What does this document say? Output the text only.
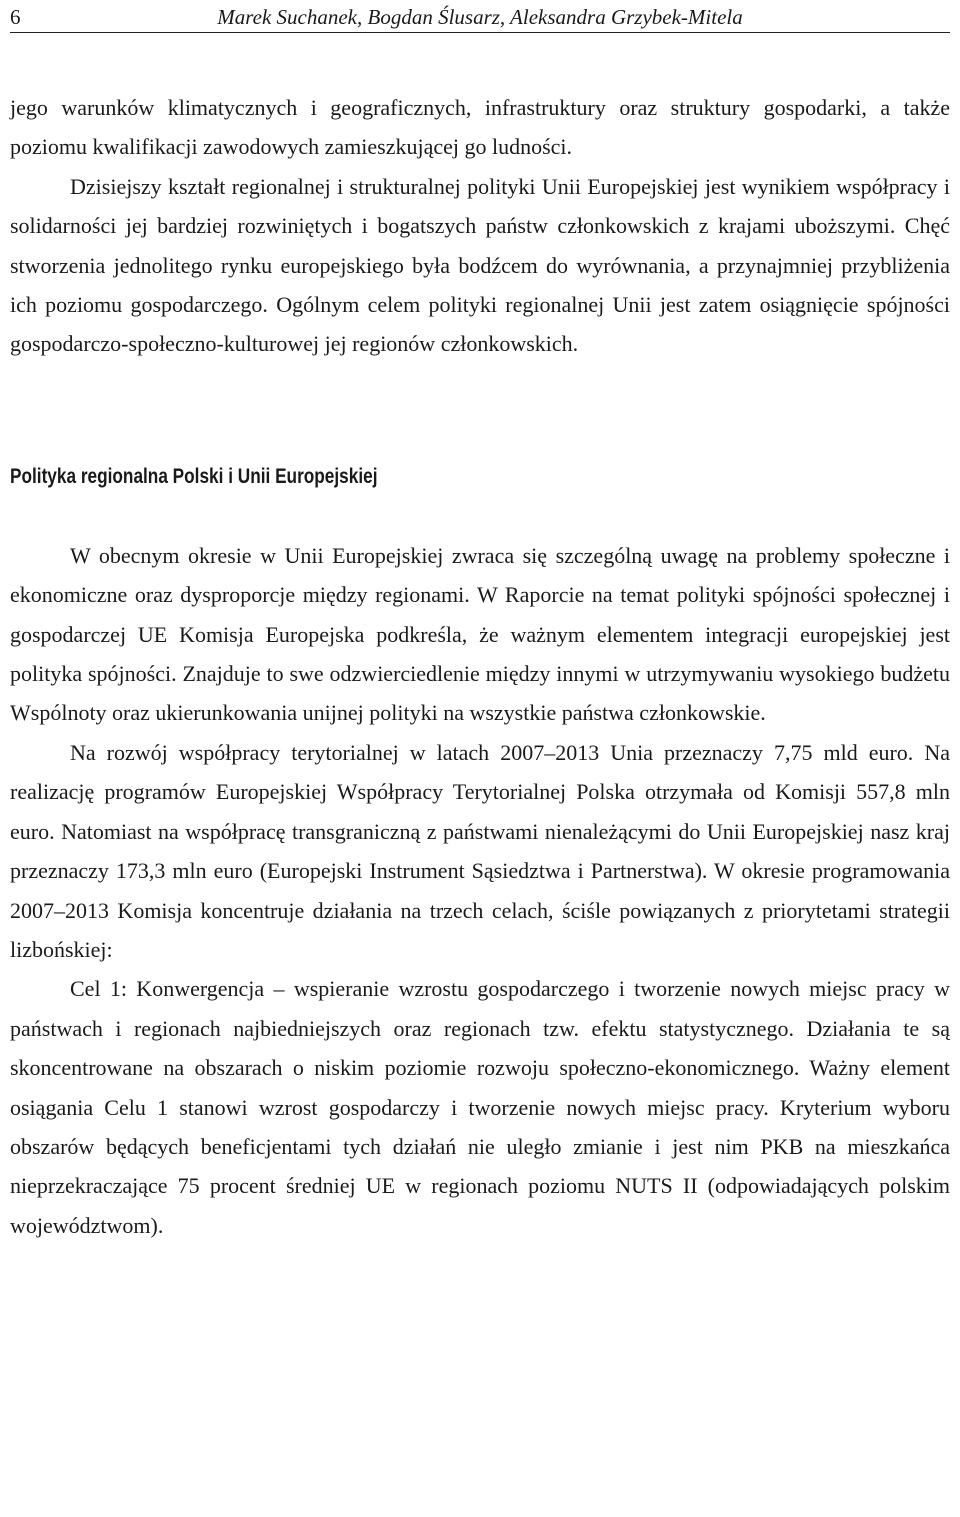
6	Marek Suchanek, Bogdan Ślusarz, Aleksandra Grzybek-Mitela

jego warunków klimatycznych i geograficznych, infrastruktury oraz struktury gospodarki, a także poziomu kwalifikacji zawodowych zamieszkującej go ludności.

Dzisiejszy kształt regionalnej i strukturalnej polityki Unii Europejskiej jest wynikiem współpracy i solidarności jej bardziej rozwiniętych i bogatszych państw członkowskich z krajami uboższymi. Chęć stworzenia jednolitego rynku europejskiego była bodźcem do wyrównania, a przynajmniej przybliżenia ich poziomu gospodarczego. Ogólnym celem polityki regionalnej Unii jest zatem osiągnięcie spójności gospodarczo-społeczno-kulturowej jej regionów członkowskich.

Polityka regionalna Polski i Unii Europejskiej

W obecnym okresie w Unii Europejskiej zwraca się szczególną uwagę na problemy społeczne i ekonomiczne oraz dysproporcje między regionami. W Raporcie na temat polityki spójności społecznej i gospodarczej UE Komisja Europejska podkreśla, że ważnym elementem integracji europejskiej jest polityka spójności. Znajduje to swe odzwierciedlenie między innymi w utrzymywaniu wysokiego budżetu Wspólnoty oraz ukierunkowania unijnej polityki na wszystkie państwa członkowskie.

Na rozwój współpracy terytorialnej w latach 2007–2013 Unia przeznaczy 7,75 mld euro. Na realizację programów Europejskiej Współpracy Terytorialnej Polska otrzymała od Komisji 557,8 mln euro. Natomiast na współpracę transgraniczną z państwami nienależącymi do Unii Europejskiej nasz kraj przeznaczy 173,3 mln euro (Europejski Instrument Sąsiedztwa i Partnerstwa). W okresie programowania 2007–2013 Komisja koncentruje działania na trzech celach, ściśle powiązanych z priorytetami strategii lizbońskiej:

Cel 1: Konwergencja – wspieranie wzrostu gospodarczego i tworzenie nowych miejsc pracy w państwach i regionach najbiedniejszych oraz regionach tzw. efektu statystycznego. Działania te są skoncentrowane na obszarach o niskim poziomie rozwoju społeczno-ekonomicznego. Ważny element osiągania Celu 1 stanowi wzrost gospodarczy i tworzenie nowych miejsc pracy. Kryterium wyboru obszarów będących beneficjentami tych działań nie uległo zmianie i jest nim PKB na mieszkańca nieprzekraczające 75 procent średniej UE w regionach poziomu NUTS II (odpowiadających polskim województwom).
